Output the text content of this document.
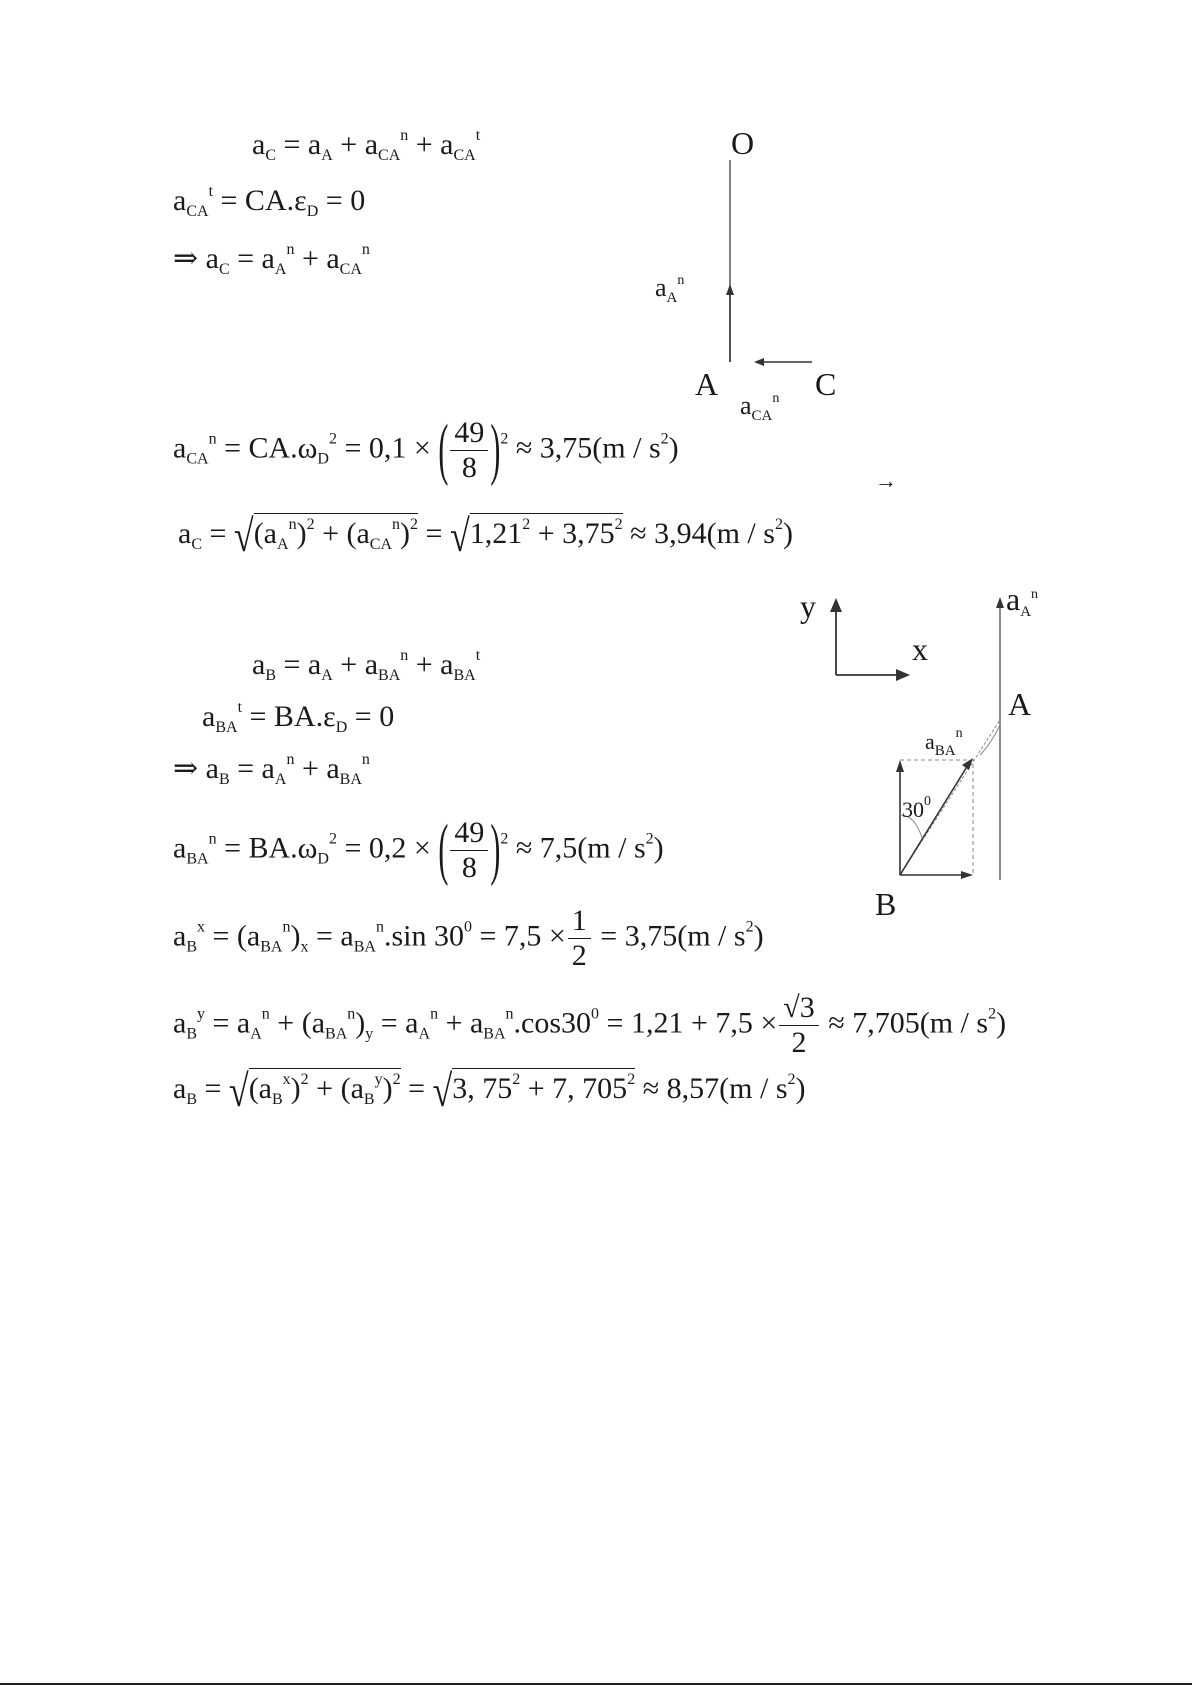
$a_C = a_A + a_{CA}^n + a_{CA}^t$
$a_{CA}^t = CA.\varepsilon_D = 0$
⇒ $a_C = a_A^n + a_{CA}^n$
$a_{CA}^n = CA.\omega_D^2 = 0,1$ × ( $\frac{49}{8} )^2 \approx 3,75(m / s^2)$
$a_C = √(a_A^n)^2 + (a_{CA}^n)^2 = √1,21^2 + 3,75^2 \approx 3,94(m / s^2)$
$a_B = a_A + a_{BA}^n + a_{BA}^t$
$a_{BA}^t = BA.\varepsilon_D = 0$
⇒ $a_B = a_A^n + a_{BA}^n$
$a_{BA}^n = BA.\omega_D^2 = 0,2$ × ( $\frac{49}{8} )^2 \approx 7,5(m / s^2)$
$a_B^x = (a_{BA}^n)_x = a_{BA}^n.\sin$ $30^0 = 7,5 \times \frac{1}{2} = 3,75(m / s^2)$
$a_B^y = a_A^n + (a_{BA}^n)_y = a_A^n + a_{BA}^n.\cos 30^0 = 1,21 + 7,5 \times \frac{√3}{2} \approx 7,705(m / s^2)$
$a_B = √(a_B^x)^2 + (a_B^y)^2 = √3$, $75^2 + 7$, $705^2 \approx 8,57(m / s^2)$
O
A	C
$a_A^n$
$a_{CA}^n$
→
y
x
$a_A^n$
A
$a_{BA}^n$
$30^0$
B
